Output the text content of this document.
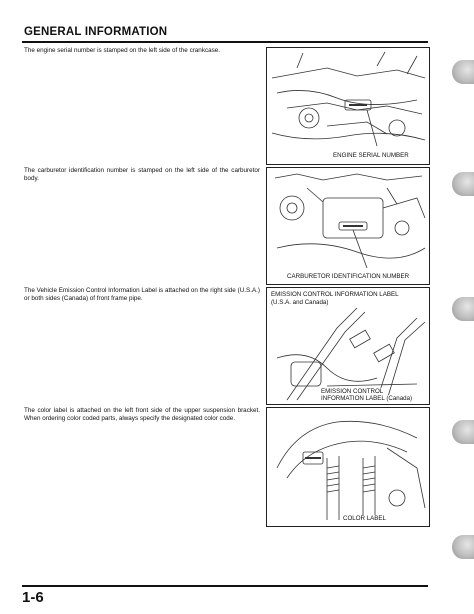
GENERAL INFORMATION
The engine serial number is stamped on the left side of the crankcase.
ENGINE SERIAL NUMBER
The carburetor identification number is stamped on the left side of the carburetor body.
CARBURETOR IDENTIFICATION NUMBER
The Vehicle Emission Control Information Label is attached on the right side (U.S.A.) or both sides (Canada) of front frame pipe.	EMISSION CONTROL INFORMATION LABEL
(U.S.A. and Canada)
EMISSION CONTROL
INFORMATION LABEL (Canada)
The color label is attached on the left front side of the upper suspension bracket. When ordering color coded parts, always specify the designated color code.
COLOR LABEL
1-6
